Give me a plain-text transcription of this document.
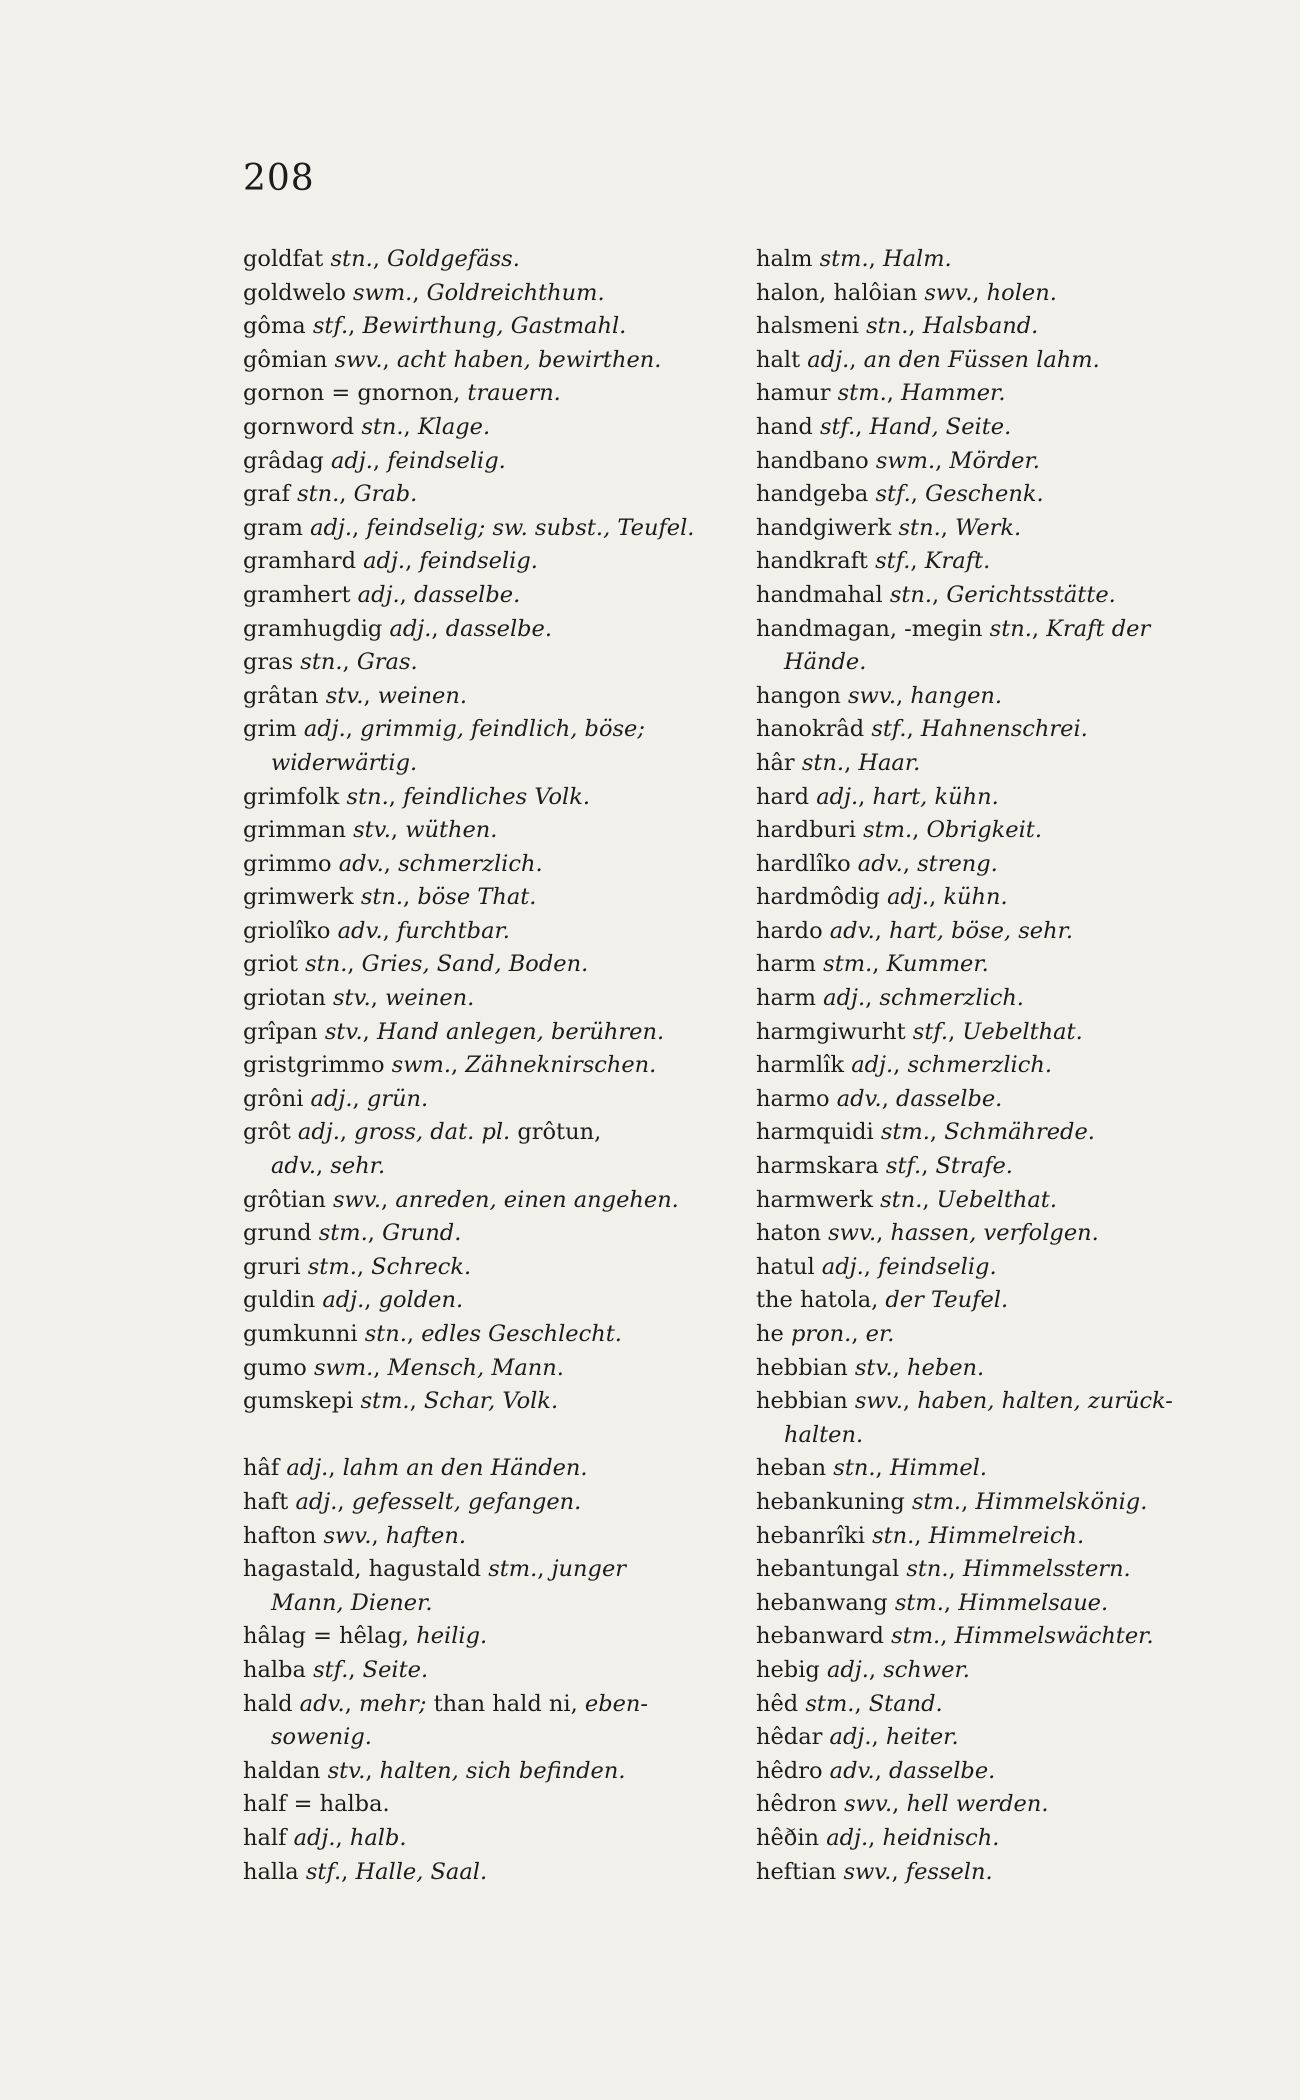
208
goldfat stn., Goldgefäss.
goldwelo swm., Goldreichthum.
gôma stf., Bewirthung, Gastmahl.
gômian swv., acht haben, bewirthen.
gornon = gnornon, trauern.
gornword stn., Klage.
grâdag adj., feindselig.
graf stn., Grab.
gram adj., feindselig; sw. subst., Teufel.
gramhard adj., feindselig.
gramhert adj., dasselbe.
gramhugdig adj., dasselbe.
gras stn., Gras.
grâtan stv., weinen.
grim adj., grimmig, feindlich, böse;
widerwärtig.
grimfolk stn., feindliches Volk.
grimman stv., wüthen.
grimmo adv., schmerzlich.
grimwerk stn., böse That.
griolîko adv., furchtbar.
griot stn., Gries, Sand, Boden.
griotan stv., weinen.
grîpan stv., Hand anlegen, berühren.
gristgrimmo swm., Zähneknirschen.
grôni adj., grün.
grôt adj., gross, dat. pl. grôtun,
adv., sehr.
grôtian swv., anreden, einen angehen.
grund stm., Grund.
gruri stm., Schreck.
guldin adj., golden.
gumkunni stn., edles Geschlecht.
gumo swm., Mensch, Mann.
gumskepi stm., Schar, Volk.
hâf adj., lahm an den Händen.
haft adj., gefesselt, gefangen.
hafton swv., haften.
hagastald, hagustald stm., junger
Mann, Diener.
hâlag = hêlag, heilig.
halba stf., Seite.
hald adv., mehr; than hald ni, eben-
sowenig.
haldan stv., halten, sich befinden.
half = halba.
half adj., halb.
halla stf., Halle, Saal.
halm stm., Halm.
halon, halôian swv., holen.
halsmeni stn., Halsband.
halt adj., an den Füssen lahm.
hamur stm., Hammer.
hand stf., Hand, Seite.
handbano swm., Mörder.
handgeba stf., Geschenk.
handgiwerk stn., Werk.
handkraft stf., Kraft.
handmahal stn., Gerichtsstätte.
handmagan, -megin stn., Kraft der
Hände.
hangon swv., hangen.
hanokrâd stf., Hahnenschrei.
hâr stn., Haar.
hard adj., hart, kühn.
hardburi stm., Obrigkeit.
hardlîko adv., streng.
hardmôdig adj., kühn.
hardo adv., hart, böse, sehr.
harm stm., Kummer.
harm adj., schmerzlich.
harmgiwurht stf., Uebelthat.
harmlîk adj., schmerzlich.
harmo adv., dasselbe.
harmquidi stm., Schmährede.
harmskara stf., Strafe.
harmwerk stn., Uebelthat.
haton swv., hassen, verfolgen.
hatul adj., feindselig.
the hatola, der Teufel.
he pron., er.
hebbian stv., heben.
hebbian swv., haben, halten, zurück-
halten.
heban stn., Himmel.
hebankuning stm., Himmelskönig.
hebanrîki stn., Himmelreich.
hebantungal stn., Himmelsstern.
hebanwang stm., Himmelsaue.
hebanward stm., Himmelswächter.
hebig adj., schwer.
hêd stm., Stand.
hêdar adj., heiter.
hêdro adv., dasselbe.
hêdron swv., hell werden.
hêðin adj., heidnisch.
heftian swv., fesseln.
